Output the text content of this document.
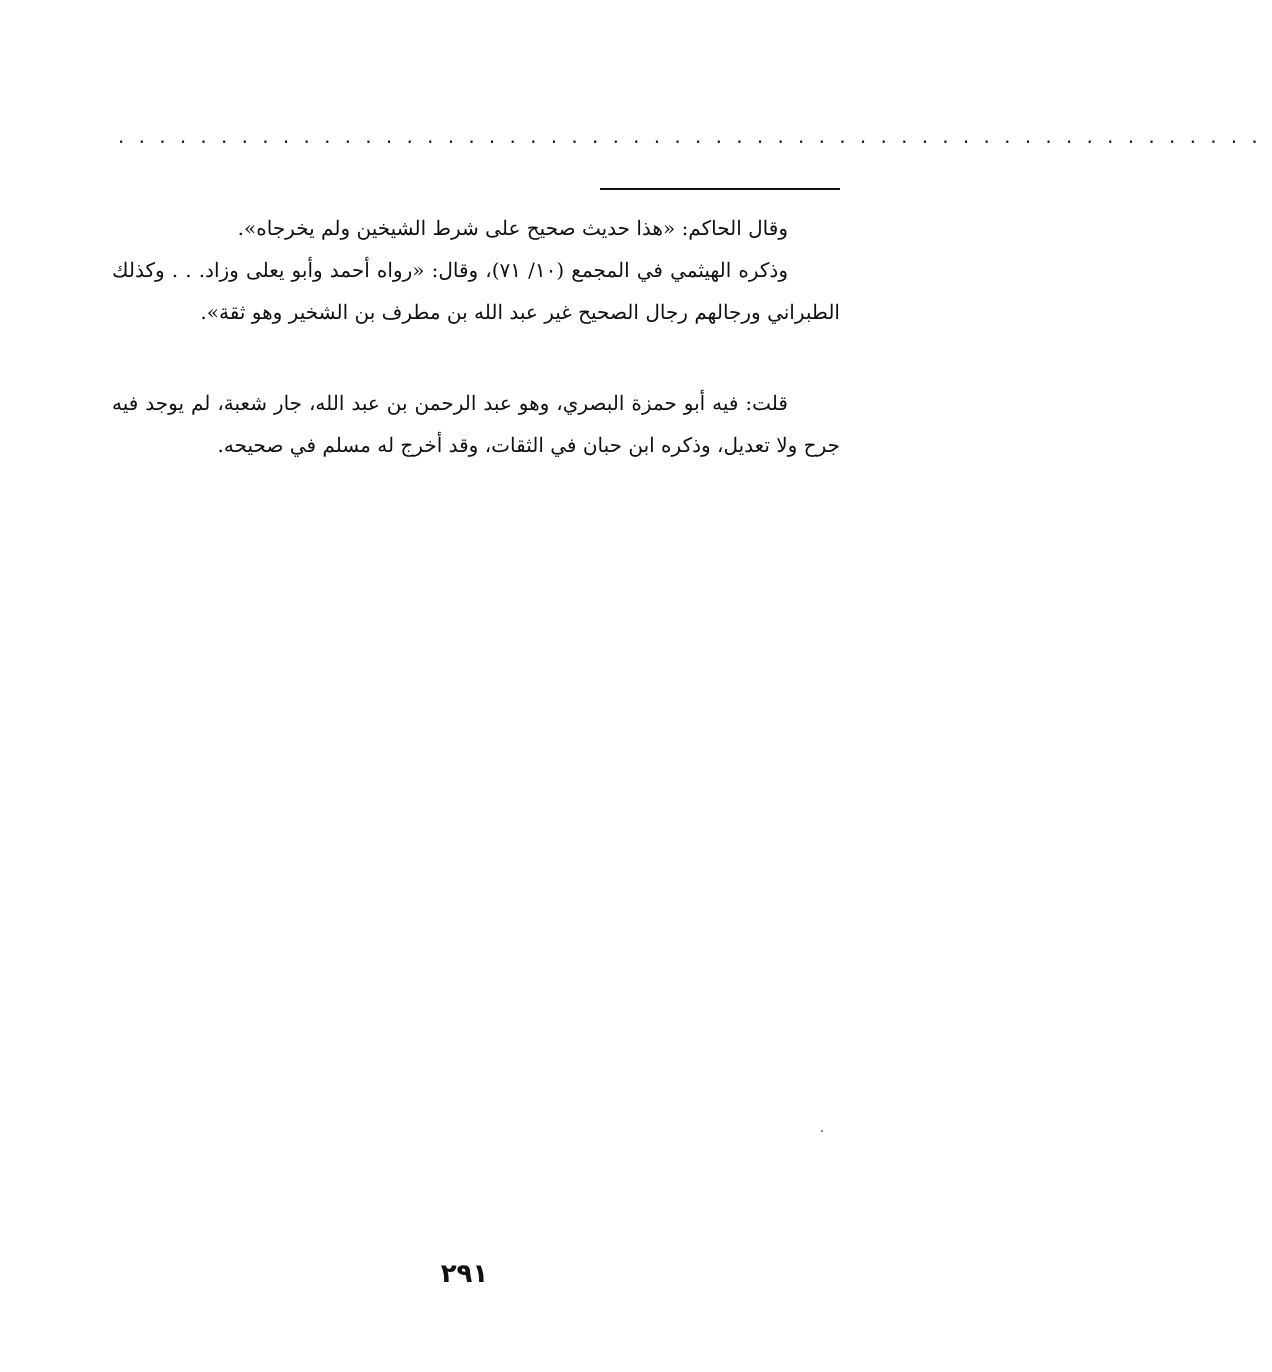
........................................................

وقال الحاكم: «هذا حديث صحيح على شرط الشيخين ولم يخرجاه».

وذكره الهيثمي في المجمع (١٠/ ٧١)، وقال: «رواه أحمد وأبو يعلى وزاد. . . وكذلك الطبراني ورجالهم رجال الصحيح غير عبد الله بن مطرف بن الشخير وهو ثقة».

قلت: فيه أبو حمزة البصري، وهو عبد الرحمن بن عبد الله، جار شعبة، لم يوجد فيه جرح ولا تعديل، وذكره ابن حبان في الثقات، وقد أخرج له مسلم في صحيحه.

٢٩١
